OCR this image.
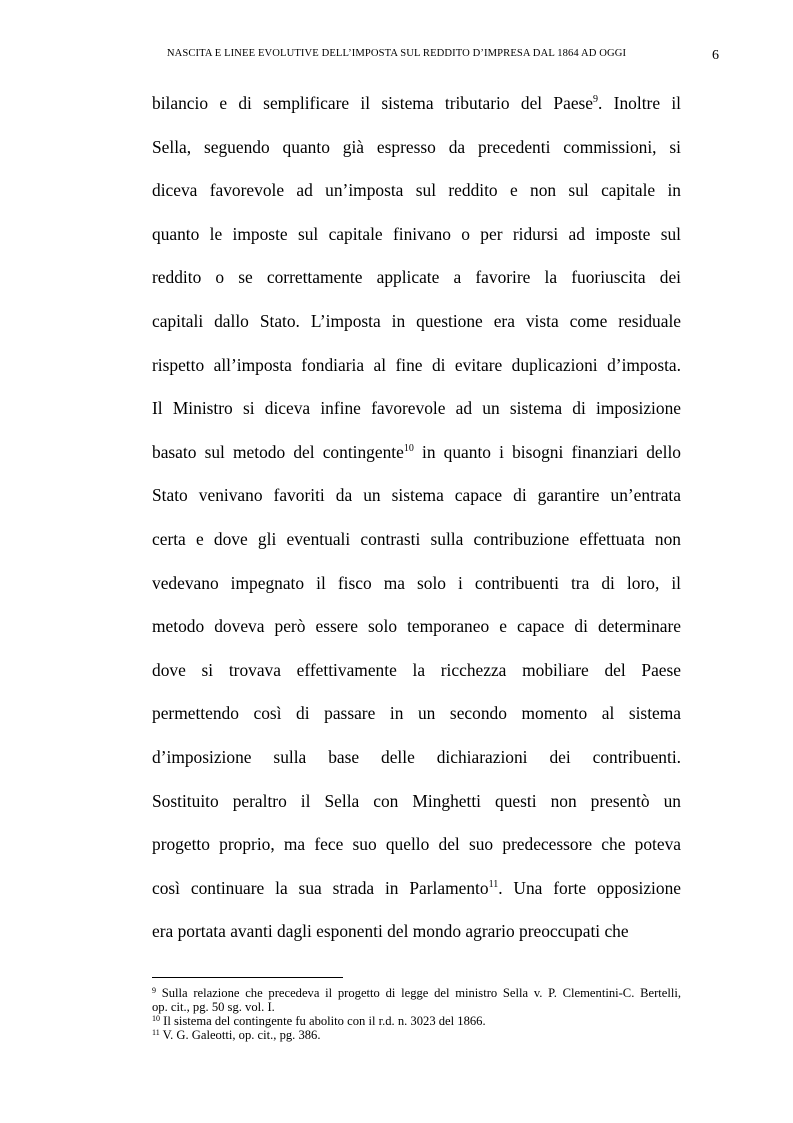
NASCITA E LINEE EVOLUTIVE DELL’IMPOSTA SUL REDDITO D’IMPRESA DAL 1864 AD OGGI	6
bilancio e di semplificare il sistema tributario del Paese$^9$. Inoltre il
Sella, seguendo quanto già espresso da precedenti commissioni, si
diceva favorevole ad un’imposta sul reddito e non sul capitale in
quanto le imposte sul capitale finivano o per ridursi ad imposte sul
reddito o se correttamente applicate a favorire la fuoriuscita dei
capitali dallo Stato. L’imposta in questione era vista come residuale
rispetto all’imposta fondiaria al fine di evitare duplicazioni d’imposta.
Il Ministro si diceva infine favorevole ad un sistema di imposizione
basato sul metodo del contingente$^{10}$ in quanto i bisogni finanziari dello
Stato venivano favoriti da un sistema capace di garantire un’entrata
certa e dove gli eventuali contrasti sulla contribuzione effettuata non
vedevano impegnato il fisco ma solo i contribuenti tra di loro, il
metodo doveva però essere solo temporaneo e capace di determinare
dove si trovava effettivamente la ricchezza mobiliare del Paese
permettendo così di passare in un secondo momento al sistema
d’imposizione sulla base delle dichiarazioni dei contribuenti.
Sostituito peraltro il Sella con Minghetti questi non presentò un
progetto proprio, ma fece suo quello del suo predecessore che poteva
così continuare la sua strada in Parlamento$^{11}$. Una forte opposizione
era portata avanti dagli esponenti del mondo agrario preoccupati che
$^9$ Sulla relazione che precedeva il progetto di legge del ministro Sella v. P. Clementini-C. Bertelli,
op. cit., pg. 50 sg. vol. I.
$^{10}$ Il sistema del contingente fu abolito con il r.d. n. 3023 del 1866.
$^{11}$ V. G. Galeotti, op. cit., pg. 386.
